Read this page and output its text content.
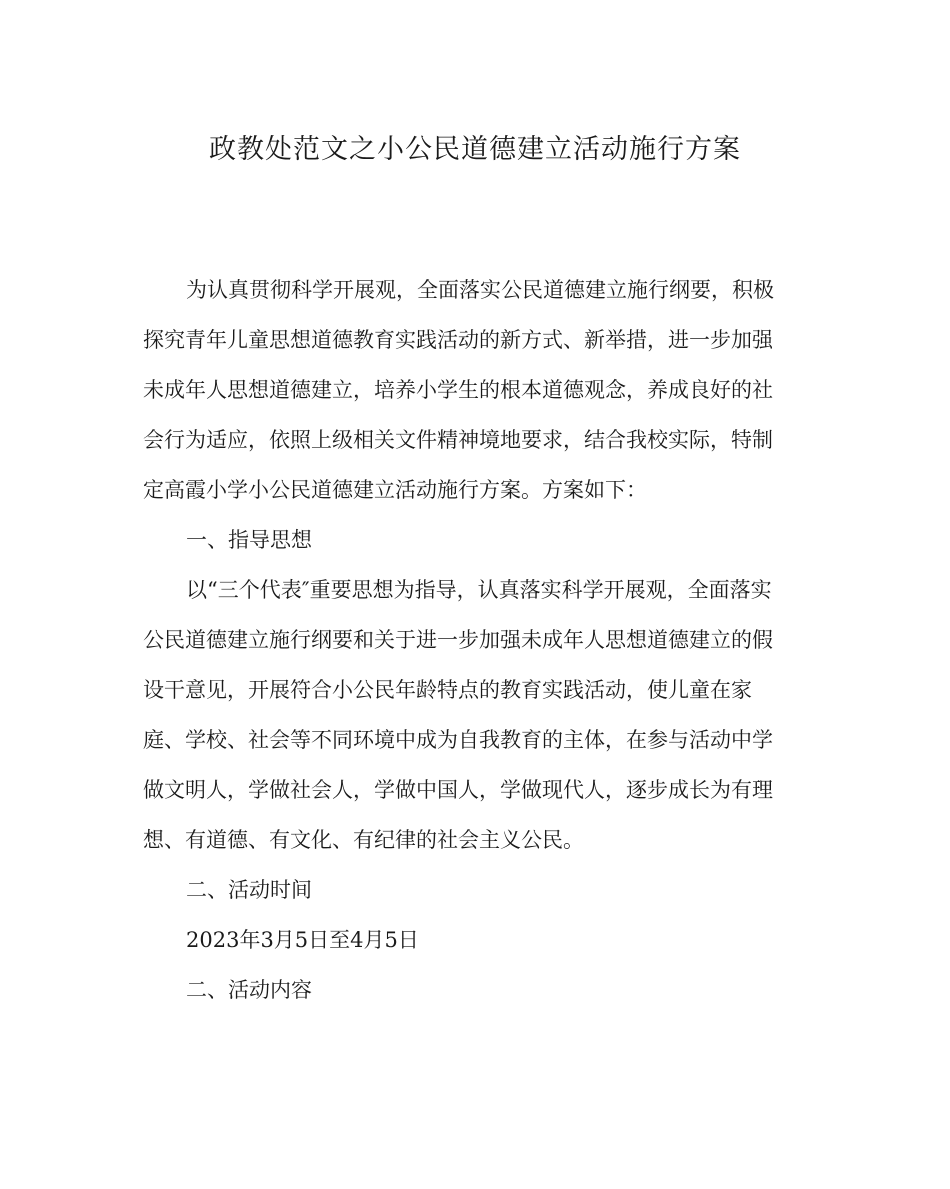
政教处范文之小公民道德建立活动施行方案
为认真贯彻科学开展观，全面落实公民道德建立施行纲要，积极
探究青年儿童思想道德教育实践活动的新方式、新举措，进一步加强
未成年人思想道德建立，培养小学生的根本道德观念，养成良好的社
会行为适应，依照上级相关文件精神境地要求，结合我校实际，特制
定高霞小学小公民道德建立活动施行方案。方案如下：
一、指导思想
以“三个代表″重要思想为指导，认真落实科学开展观，全面落实
公民道德建立施行纲要和关于进一步加强未成年人思想道德建立的假
设干意见，开展符合小公民年龄特点的教育实践活动，使儿童在家
庭、学校、社会等不同环境中成为自我教育的主体，在参与活动中学
做文明人，学做社会人，学做中国人，学做现代人，逐步成长为有理
想、有道德、有文化、有纪律的社会主义公民。
二、活动时间
2023年3月5日至4月5日
二、活动内容
